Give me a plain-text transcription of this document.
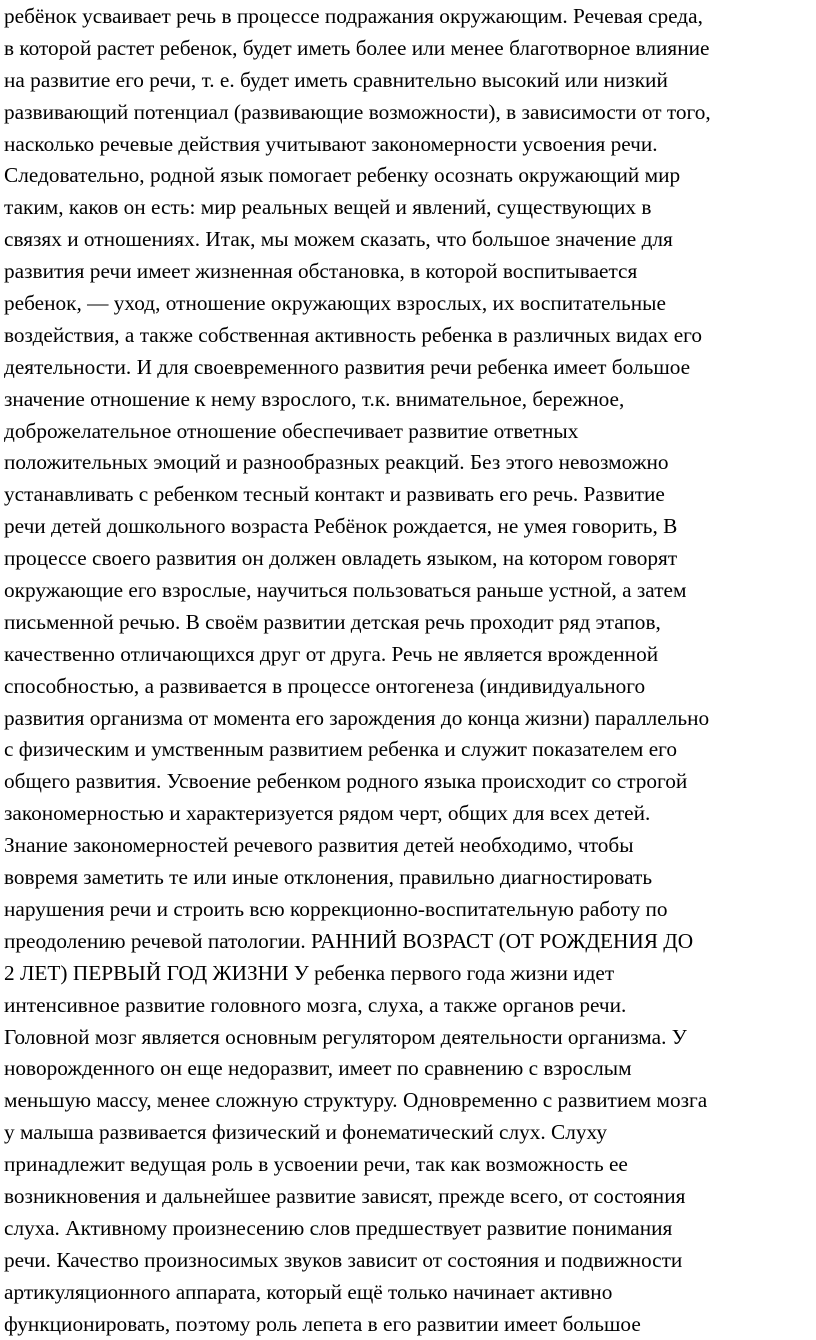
ребёнок усваивает речь в процессе подражания окружающим. Речевая среда,
в которой растет ребенок, будет иметь более или менее благотворное влияние
на развитие его речи, т. е. будет иметь сравнительно высокий или низкий
развивающий потенциал (развивающие возможности), в зависимости от того,
насколько речевые действия учитывают закономерности усвоения речи.
Следовательно, родной язык помогает ребенку осознать окружающий мир
таким, каков он есть: мир реальных вещей и явлений, существующих в
связях и отношениях. Итак, мы можем сказать, что большое значение для
развития речи имеет жизненная обстановка, в которой воспитывается
ребенок, — уход, отношение окружающих взрослых, их воспитательные
воздействия, а также собственная активность ребенка в различных видах его
деятельности. И для своевременного развития речи ребенка имеет большое
значение отношение к нему взрослого, т.к. внимательное, бережное,
доброжелательное отношение обеспечивает развитие ответных
положительных эмоций и разнообразных реакций. Без этого невозможно
устанавливать с ребенком тесный контакт и развивать его речь. Развитие
речи детей дошкольного возраста Ребёнок рождается, не умея говорить, В
процессе своего развития он должен овладеть языком, на котором говорят
окружающие его взрослые, научиться пользоваться раньше устной, а затем
письменной речью. В своём развитии детская речь проходит ряд этапов,
качественно отличающихся друг от друга. Речь не является врожденной
способностью, а развивается в процессе онтогенеза (индивидуального
развития организма от момента его зарождения до конца жизни) параллельно
с физическим и умственным развитием ребенка и служит показателем его
общего развития. Усвоение ребенком родного языка происходит со строгой
закономерностью и характеризуется рядом черт, общих для всех детей.
Знание закономерностей речевого развития детей необходимо, чтобы
вовремя заметить те или иные отклонения, правильно диагностировать
нарушения речи и строить всю коррекционно-воспитательную работу по
преодолению речевой патологии. РАННИЙ ВОЗРАСТ (ОТ РОЖДЕНИЯ ДО
2 ЛЕТ) ПЕРВЫЙ ГОД ЖИЗНИ У ребенка первого года жизни идет
интенсивное развитие головного мозга, слуха, а также органов речи.
Головной мозг является основным регулятором деятельности организма. У
новорожденного он еще недоразвит, имеет по сравнению с взрослым
меньшую массу, менее сложную структуру. Одновременно с развитием мозга
у малыша развивается физический и фонематический слух. Слуху
принадлежит ведущая роль в усвоении речи, так как возможность ее
возникновения и дальнейшее развитие зависят, прежде всего, от состояния
слуха. Активному произнесению слов предшествует развитие понимания
речи. Качество произносимых звуков зависит от состояния и подвижности
артикуляционного аппарата, который ещё только начинает активно
функционировать, поэтому роль лепета в его развитии имеет большое
